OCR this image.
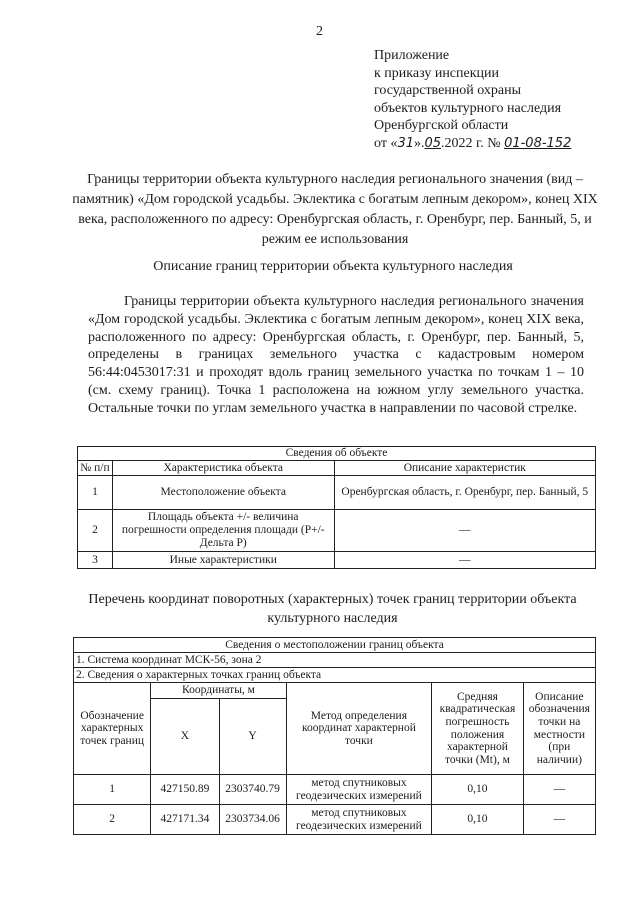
2
Приложение
к приказу инспекции
государственной охраны
объектов культурного наследия
Оренбургской области
от «31».05.2022 г. № 01-08-152
Границы территории объекта культурного наследия регионального значения (вид – памятник) «Дом городской усадьбы. Эклектика с богатым лепным декором», конец XIX века, расположенного по адресу: Оренбургская область, г. Оренбург, пер. Банный, 5, и режим ее использования
Описание границ территории объекта культурного наследия
Границы территории объекта культурного наследия регионального значения «Дом городской усадьбы. Эклектика с богатым лепным декором», конец XIX века, расположенного по адресу: Оренбургская область, г. Оренбург, пер. Банный, 5, определены в границах земельного участка с кадастровым номером 56:44:0453017:31 и проходят вдоль границ земельного участка по точкам 1 – 10 (см. схему границ). Точка 1 расположена на южном углу земельного участка. Остальные точки по углам земельного участка в направлении по часовой стрелке.
Сведения об объекте		
№ п/п	Характеристика объекта	Описание характеристик
1	Местоположение объекта	Оренбургская область, г. Оренбург, пер. Банный, 5
2	Площадь объекта +/- величина погрешности определения площади (P+/- Дельта P)	—
3	Иные характеристики	—
Перечень координат поворотных (характерных) точек границ территории объекта культурного наследия
Сведения о местоположении границ объекта					
1. Система координат МСК-56, зона 2					
2. Сведения о характерных точках границ объекта					
Обозначение характерных точек границ	Координаты, м		Метод определения координат характерной точки	Средняя квадратическая погрешность положения характерной точки (Mt), м	Описание обозначения точки на местности (при наличии)
	X	Y			
1	427150.89	2303740.79	метод спутниковых геодезических измерений	0,10	—
2	427171.34	2303734.06	метод спутниковых геодезических измерений	0,10	—
